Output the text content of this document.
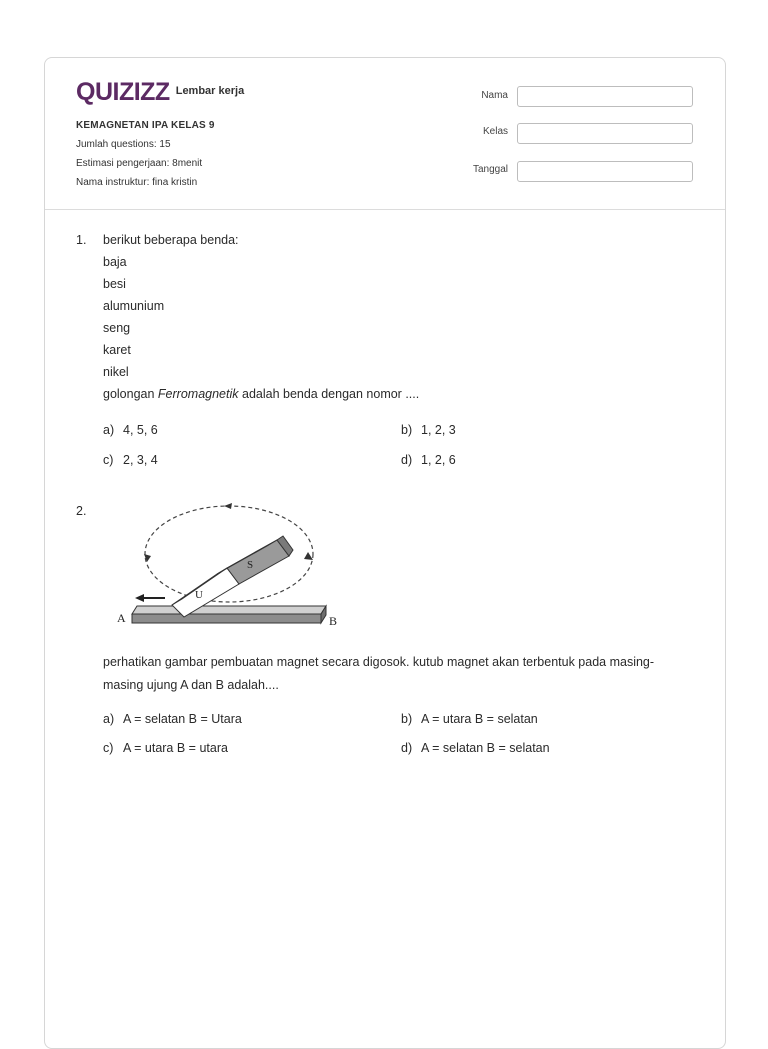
QUIZIZZ Lembar kerja
KEMAGNETAN IPA KELAS 9
Jumlah questions: 15
Estimasi pengerjaan: 8menit
Nama instruktur: fina kristin
Nama
Kelas
Tanggal
1. berikut beberapa benda:
baja
besi
alumunium
seng
karet
nikel
golongan Ferromagnetik adalah benda dengan nomor ....
a) 4, 5, 6	b) 1, 2, 3
c) 2, 3, 4	d) 1, 2, 6
2.
A	B
U
S
perhatikan gambar pembuatan magnet secara digosok. kutub magnet akan terbentuk pada masing-
masing ujung A dan B adalah....
a) A = selatan B = Utara	b) A = utara B = selatan
c) A = utara B = utara	d) A = selatan B = selatan
